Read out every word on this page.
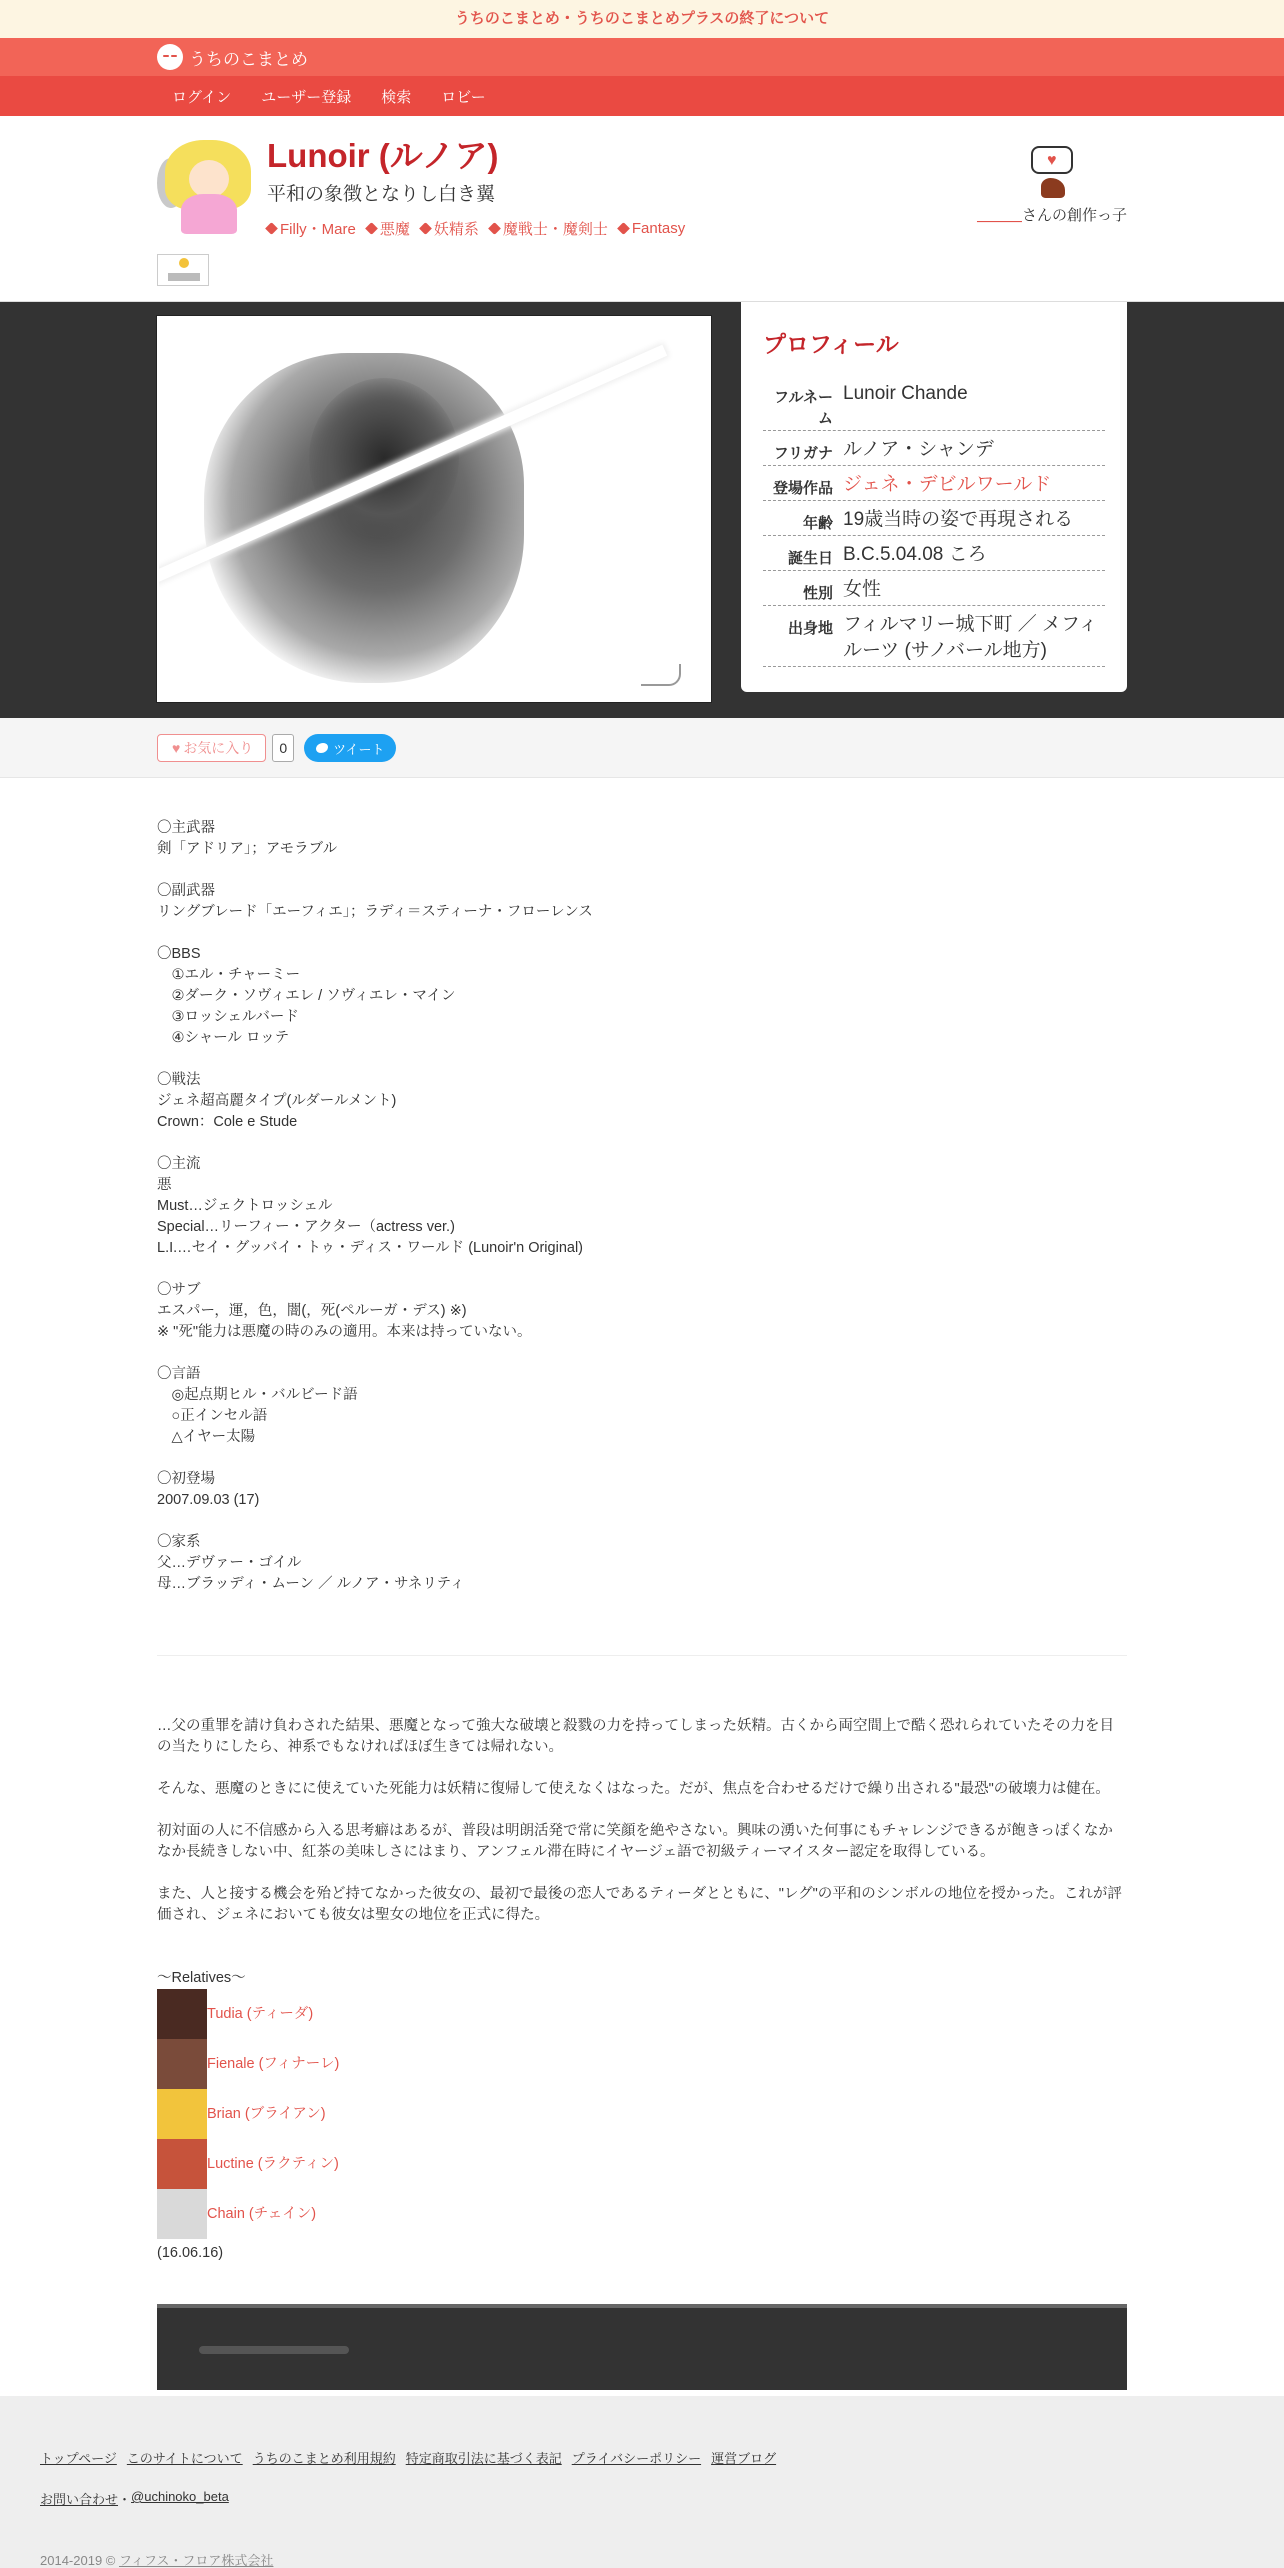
うちのこまとめ・うちのこまとめプラスの終了について
うちのこまとめ
ログイン	ユーザー登録	検索	ロビー
Lunoir (ルノア)
平和の象徴となりし白き翼
Filly・Mare 悪魔 妖精系 魔戦士・魔剣士 Fantasy
♥
＿＿＿さんの創作っ子
プロフィール
フルネーム
Lunoir Chande
フリガナ ルノア・シャンデ
登場作品 ジェネ・デビルワールド
年齢 19歳当時の姿で再現される
誕生日 B.C.5.04.08 ころ
性別 女性
出身地 フィルマリー城下町 ／ メフィルーツ (サノバール地方)
♥ お気に入り	0	ツイート
〇主武器
剣「アドリア」；アモラブル
〇副武器
リングブレード「エーフィエ」；ラディ＝スティーナ・フローレンス
〇BBS
　①エル・チャーミー
　②ダーク・ソヴィエレ / ソヴィエレ・マイン
　③ロッシェルバード
　④シャール ロッテ
〇戦法
ジェネ超高麗タイプ(ルダールメント)
Crown：Cole e Stude
〇主流
悪
Must…ジェクトロッシェル
Special…リーフィー・アクター（actress ver.)
L.I.…セイ・グッバイ・トゥ・ディス・ワールド (Lunoir'n Original)
〇サブ
エスパー，運，色，闇(，死(ペルーガ・デス) ※)
※ "死"能力は悪魔の時のみの適用。本来は持っていない。
〇言語
　◎起点期ヒル・バルビード語
　○正インセル語
　△イヤー太陽
〇初登場
2007.09.03 (17)
〇家系
父…デヴァー・ゴイル
母…ブラッディ・ムーン ／ ルノア・サネリティ

…父の重罪を請け負わされた結果、悪魔となって強大な破壊と殺戮の力を持ってしまった妖精。古くから両空間上で酷く恐れられていたその力を目の当たりにしたら、神系でもなければほぼ生きては帰れない。

そんな、悪魔のときにに使えていた死能力は妖精に復帰して使えなくはなった。だが、焦点を合わせるだけで繰り出される"最恐"の破壊力は健在。

初対面の人に不信感から入る思考癖はあるが、普段は明朗活発で常に笑顔を絶やさない。興味の湧いた何事にもチャレンジできるが飽きっぽくなかなか長続きしない中、紅茶の美味しさにはまり、アンフェル滞在時にイヤージェ語で初級ティーマイスター認定を取得している。

また、人と接する機会を殆ど持てなかった彼女の、最初で最後の恋人であるティーダとともに、"レグ"の平和のシンボルの地位を授かった。これが評価され、ジェネにおいても彼女は聖女の地位を正式に得た。

～Relatives～
Tudia (ティーダ)
Fienale (フィナーレ)
Brian (ブライアン)
Luctine (ラクティン)
Chain (チェイン)
(16.06.16)
トップページ このサイトについて うちのこまとめ利用規約 特定商取引法に基づく表記 プライバシーポリシー 運営ブログ
お問い合わせ ・ @uchinoko_beta
2014-2019 © フィフス・フロア株式会社
